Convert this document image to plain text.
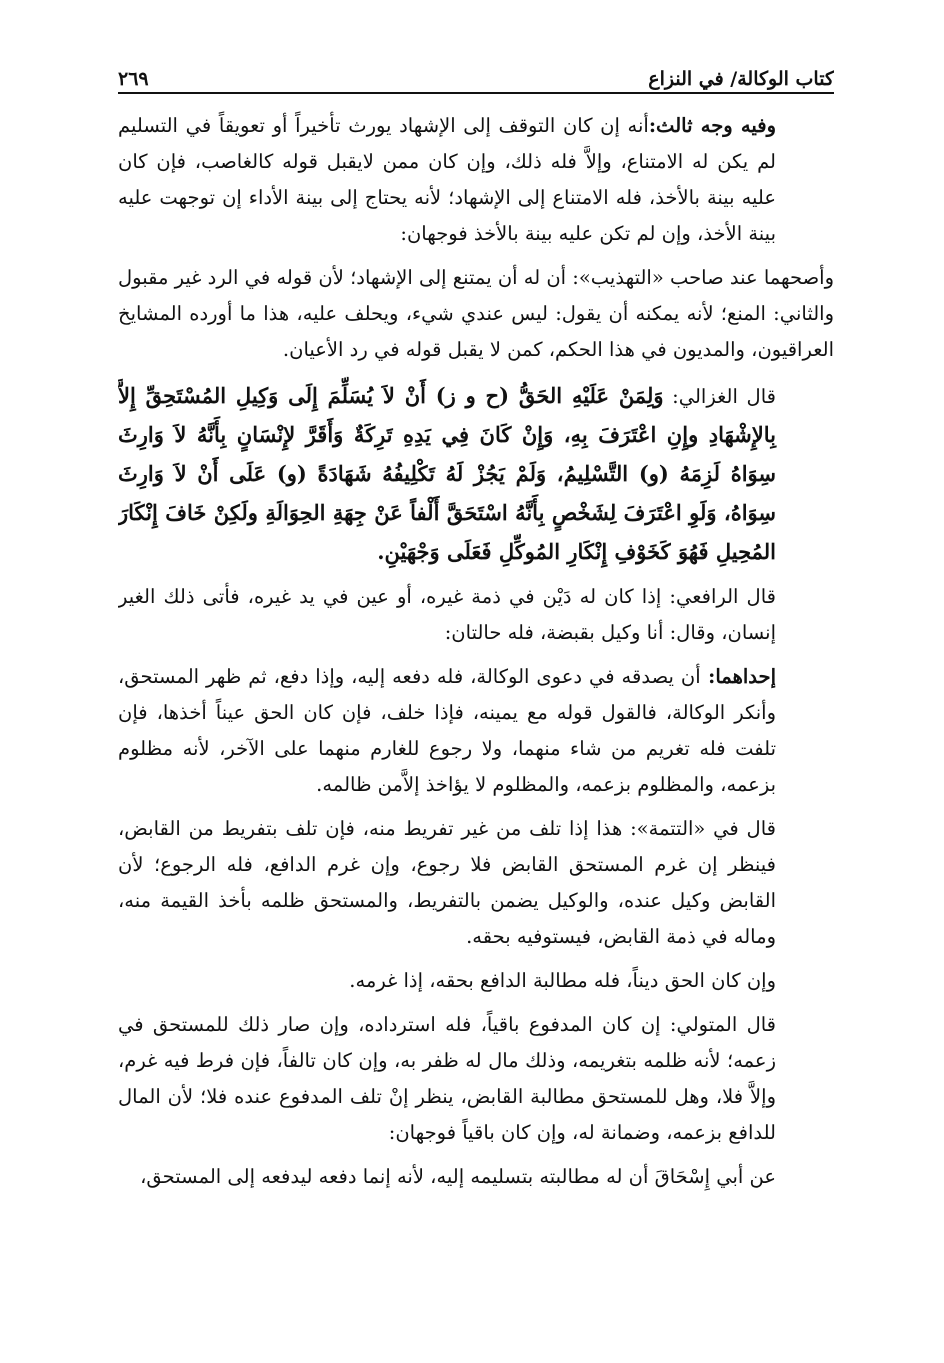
كتاب الوكالة/ في النزاع
٢٦٩

وفيه وجه ثالث:أنه إن كان التوقف إلى الإشهاد يورث تأخيراً أو تعويقاً في التسليم لم يكن له الامتناع، وإلاَّ فله ذلك، وإن كان ممن لايقبل قوله كالغاصب، فإن كان عليه بينة بالأخذ، فله الامتناع إلى الإشهاد؛ لأنه يحتاج إلى بينة الأداء إن توجهت عليه بينة الأخذ، وإن لم تكن عليه بينة بالأخذ فوجهان:

وأصحهما عند صاحب «التهذيب»: أن له أن يمتنع إلى الإشهاد؛ لأن قوله في الرد غير مقبول والثاني: المنع؛ لأنه يمكنه أن يقول: ليس عندي شيء، ويحلف عليه، هذا ما أورده المشايخ العراقيون، والمديون في هذا الحكم، كمن لا يقبل قوله في رد الأعيان.

قال الغزالي: وَلِمَنْ عَلَيْهِ الحَقُّ (ح و ز) أَنْ لاَ يُسَلِّمَ إِلَى وَكِيلِ المُسْتَحِقِّ إِلاَّ بِالإِشْهَادِ وإِنِ اعْتَرَفَ بِهِ، وَإِنْ كَانَ فِي يَدِهِ تَرِكَةٌ وَأَقَرَّ لإِنْسَانٍ بِأَنَّهُ لاَ وَارِثَ سِوَاهُ لَزِمَهُ (و) التَّسْلِيمُ، وَلَمْ يَجُزْ لَهُ تَكْلِيفُهُ شَهَادَةً (و) عَلَى أَنْ لاَ وَارِثَ سِوَاهُ، وَلَوِ اعْتَرَفَ لِشَخْصٍ بِأَنَّهُ اسْتَحَقَّ أَلْفاً عَنْ جِهَةِ الحِوَالَةِ ولَكِنْ خَافَ إِنْكَارَ المُحِيلِ فَهُوَ كَخَوْفِ إِنْكَارِ المُوكِّلِ فَعَلَى وَجْهَيْنِ.

قال الرافعي: إذا كان له دَيْن في ذمة غيره، أو عين في يد غيره، فأتى ذلك الغير إنسان، وقال: أنا وكيل بقبضة، فله حالتان:

إحداهما: أن يصدقه في دعوى الوكالة، فله دفعه إليه، وإذا دفع، ثم ظهر المستحق، وأنكر الوكالة، فالقول قوله مع يمينه، فإذا خلف، فإن كان الحق عيناً أخذها، فإن تلفت فله تغريم من شاء منهما، ولا رجوع للغارم منهما على الآخر، لأنه مظلوم بزعمه، والمظلوم بزعمه، والمظلوم لا يؤاخذ إلاَّمن ظالمه.

قال في «التتمة»: هذا إذا تلف من غير تفريط منه، فإن تلف بتفريط من القابض، فينظر إن غرم المستحق القابض فلا رجوع، وإن غرم الدافع، فله الرجوع؛ لأن القابض وكيل عنده، والوكيل يضمن بالتفريط، والمستحق ظلمه بأخذ القيمة منه، وماله في ذمة القابض، فيستوفيه بحقه.

وإن كان الحق ديناً، فله مطالبة الدافع بحقه، إذا غرمه.

قال المتولي: إن كان المدفوع باقياً، فله استرداده، وإن صار ذلك للمستحق في زعمه؛ لأنه ظلمه بتغريمه، وذلك مال له ظفر به، وإن كان تالفاً، فإن فرط فيه غرم، وإلاَّ فلا، وهل للمستحق مطالبة القابض، ينظر إنْ تلف المدفوع عنده فلا؛ لأن المال للدافع بزعمه، وضمانة له، وإن كان باقياً فوجهان:

عن أبي إِسْحَاقَ أن له مطالبته بتسليمه إليه، لأنه إنما دفعه ليدفعه إلى المستحق،
